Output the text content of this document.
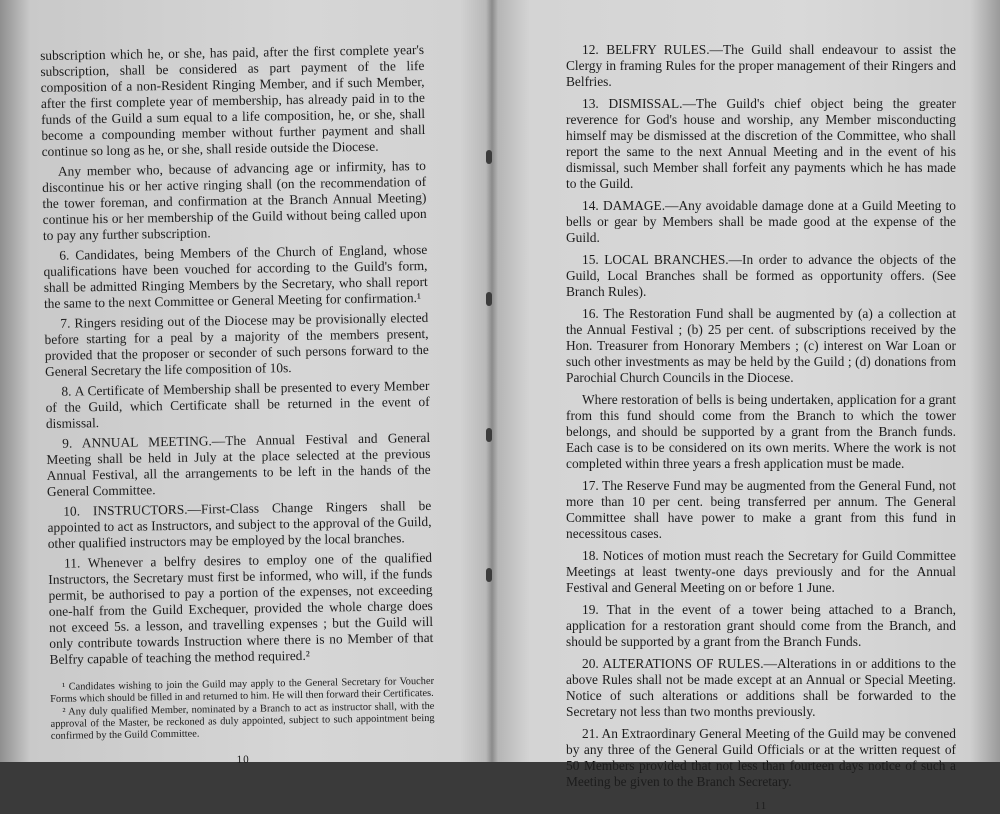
subscription which he, or she, has paid, after the first complete year's subscription, shall be considered as part payment of the life composition of a non-Resident Ringing Member, and if such Member, after the first complete year of membership, has already paid in to the funds of the Guild a sum equal to a life composition, he, or she, shall become a compounding member without further payment and shall continue so long as he, or she, shall reside outside the Diocese.

Any member who, because of advancing age or infirmity, has to discontinue his or her active ringing shall (on the recommendation of the tower foreman, and confirmation at the Branch Annual Meeting) continue his or her membership of the Guild without being called upon to pay any further subscription.

6. Candidates, being Members of the Church of England, whose qualifications have been vouched for according to the Guild's form, shall be admitted Ringing Members by the Secretary, who shall report the same to the next Committee or General Meeting for confirmation.¹

7. Ringers residing out of the Diocese may be provisionally elected before starting for a peal by a majority of the members present, provided that the proposer or seconder of such persons forward to the General Secretary the life composition of 10s.

8. A Certificate of Membership shall be presented to every Member of the Guild, which Certificate shall be returned in the event of dismissal.

9. ANNUAL MEETING.—The Annual Festival and General Meeting shall be held in July at the place selected at the previous Annual Festival, all the arrangements to be left in the hands of the General Committee.

10. INSTRUCTORS.—First-Class Change Ringers shall be appointed to act as Instructors, and subject to the approval of the Guild, other qualified instructors may be employed by the local branches.

11. Whenever a belfry desires to employ one of the qualified Instructors, the Secretary must first be informed, who will, if the funds permit, be authorised to pay a portion of the expenses, not exceeding one-half from the Guild Exchequer, provided the whole charge does not exceed 5s. a lesson, and travelling expenses ; but the Guild will only contribute towards Instruction where there is no Member of that Belfry capable of teaching the method required.²

¹ Candidates wishing to join the Guild may apply to the General Secretary for Voucher Forms which should be filled in and returned to him. He will then forward their Certificates.

² Any duly qualified Member, nominated by a Branch to act as instructor shall, with the approval of the Master, be reckoned as duly appointed, subject to such appointment being confirmed by the Guild Committee.

10

12. BELFRY RULES.—The Guild shall endeavour to assist the Clergy in framing Rules for the proper management of their Ringers and Belfries.

13. DISMISSAL.—The Guild's chief object being the greater reverence for God's house and worship, any Member misconducting himself may be dismissed at the discretion of the Committee, who shall report the same to the next Annual Meeting and in the event of his dismissal, such Member shall forfeit any payments which he has made to the Guild.

14. DAMAGE.—Any avoidable damage done at a Guild Meeting to bells or gear by Members shall be made good at the expense of the Guild.

15. LOCAL BRANCHES.—In order to advance the objects of the Guild, Local Branches shall be formed as opportunity offers. (See Branch Rules).

16. The Restoration Fund shall be augmented by (a) a collection at the Annual Festival ; (b) 25 per cent. of subscriptions received by the Hon. Treasurer from Honorary Members ; (c) interest on War Loan or such other investments as may be held by the Guild ; (d) donations from Parochial Church Councils in the Diocese.

Where restoration of bells is being undertaken, application for a grant from this fund should come from the Branch to which the tower belongs, and should be supported by a grant from the Branch funds. Each case is to be considered on its own merits. Where the work is not completed within three years a fresh application must be made.

17. The Reserve Fund may be augmented from the General Fund, not more than 10 per cent. being transferred per annum. The General Committee shall have power to make a grant from this fund in necessitous cases.

18. Notices of motion must reach the Secretary for Guild Committee Meetings at least twenty-one days previously and for the Annual Festival and General Meeting on or before 1 June.

19. That in the event of a tower being attached to a Branch, application for a restoration grant should come from the Branch, and should be supported by a grant from the Branch Funds.

20. ALTERATIONS OF RULES.—Alterations in or additions to the above Rules shall not be made except at an Annual or Special Meeting. Notice of such alterations or additions shall be forwarded to the Secretary not less than two months previously.

21. An Extraordinary General Meeting of the Guild may be convened by any three of the General Guild Officials or at the written request of 50 Members provided that not less than fourteen days notice of such a Meeting be given to the Branch Secretary.

11
